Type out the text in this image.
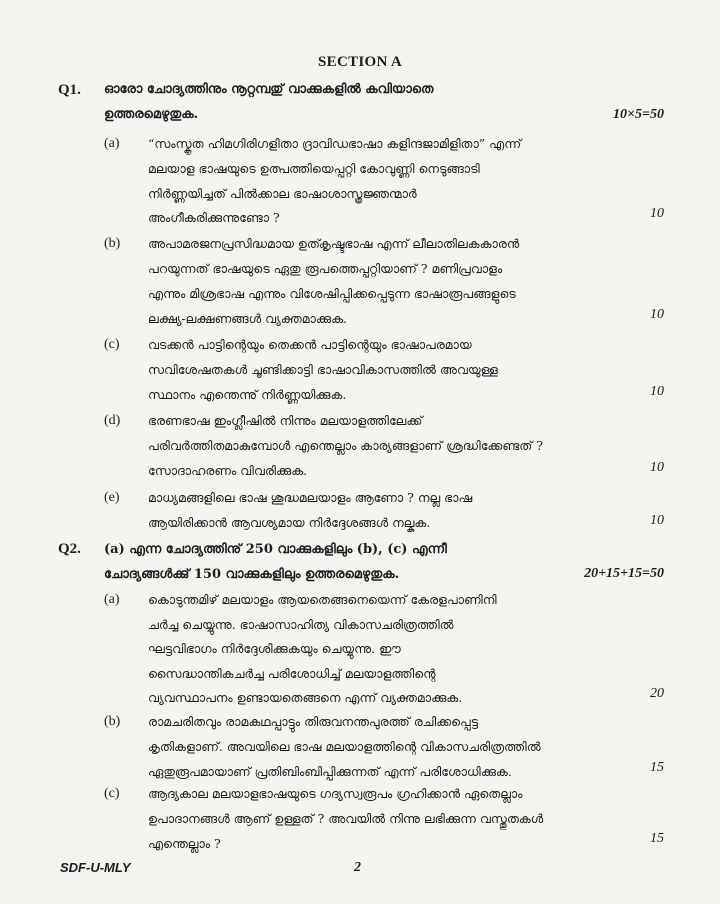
SECTION A
Q1. ഓരോ ചോദ്യത്തിനും നൂറ്റമ്പതു് വാക്കുകളിൽ കവിയാതെ
ഉത്തരമെഴുതുക.	10×5=50
(a) “സംസ്കൃത ഹിമഗിരിഗളിതാ ദ്രാവിഡഭാഷാ കളിന്ദജാമിളിതാ” എന്ന്
മലയാള ഭാഷയുടെ ഉത്പത്തിയെപ്പറ്റി കോവുണ്ണി നെടുങ്ങാടി
നിർണ്ണയിച്ചത് പിൽക്കാല ഭാഷാശാസ്ത്രജ്ഞന്മാർ
അംഗീകരിക്കുന്നുണ്ടോ ?	10
(b) അപാമരജനപ്രസിദ്ധമായ ഉത്കൃഷ്ടഭാഷ എന്ന് ലീലാതിലകകാരൻ
പറയുന്നത് ഭാഷയുടെ ഏതു രൂപത്തെപ്പറ്റിയാണ് ? മണിപ്രവാളം
എന്നും മിശ്രഭാഷ എന്നും വിശേഷിപ്പിക്കപ്പെടുന്ന ഭാഷാരൂപങ്ങളുടെ
ലക്ഷ്യ-ലക്ഷണങ്ങൾ വ്യക്തമാക്കുക.	10
(c) വടക്കൻ പാട്ടിന്റെയും തെക്കൻ പാട്ടിന്റെയും ഭാഷാപരമായ
സവിശേഷതകൾ ചൂണ്ടിക്കാട്ടി ഭാഷാവികാസത്തിൽ അവയുള്ള
സ്ഥാനം എന്തെന്നു് നിർണ്ണയിക്കുക.	10
(d) ഭരണഭാഷ ഇംഗ്ലീഷിൽ നിന്നും മലയാളത്തിലേക്ക്
പരിവർത്തിതമാകുമ്പോൾ എന്തെല്ലാം കാര്യങ്ങളാണ് ശ്രദ്ധിക്കേണ്ടത് ?
സോദാഹരണം വിവരിക്കുക.	10
(e) മാധ്യമങ്ങളിലെ ഭാഷ ശുദ്ധമലയാളം ആണോ ? നല്ല ഭാഷ
ആയിരിക്കാൻ ആവശ്യമായ നിർദ്ദേശങ്ങൾ നല്കുക.	10
Q2. (a) എന്ന ചോദ്യത്തിനു് 250 വാക്കുകളിലും (b), (c) എന്നീ
ചോദ്യങ്ങൾക്കു് 150 വാക്കുകളിലും ഉത്തരമെഴുതുക.	20+15+15=50
(a) കൊടുന്തമിഴ് മലയാളം ആയതെങ്ങനെയെന്ന് കേരളപാണിനി
ചർച്ച ചെയ്യുന്നു. ഭാഷാസാഹിത്യ വികാസചരിത്രത്തിൽ
ഘട്ടവിഭാഗം നിർദ്ദേശിക്കുകയും ചെയ്യുന്നു. ഈ
സൈദ്ധാന്തികചർച്ച പരിശോധിച്ച് മലയാളത്തിന്റെ
വ്യവസ്ഥാപനം ഉണ്ടായതെങ്ങനെ എന്ന് വ്യക്തമാക്കുക.	20
(b) രാമചരിതവും രാമകഥപ്പാട്ടും തിരുവനന്തപുരത്ത് രചിക്കപ്പെട്ട
കൃതികളാണ്. അവയിലെ ഭാഷ മലയാളത്തിന്റെ വികാസചരിത്രത്തിൽ
ഏതുരൂപമായാണ് പ്രതിബിംബിപ്പിക്കുന്നത് എന്ന് പരിശോധിക്കുക.	15
(c) ആദ്യകാല മലയാളഭാഷയുടെ ഗദ്യസ്വരൂപം ഗ്രഹിക്കാൻ ഏതെല്ലാം
ഉപാദാനങ്ങൾ ആണ് ഉള്ളത് ? അവയിൽ നിന്നു ലഭിക്കുന്ന വസ്തുതകൾ
എന്തെല്ലാം ?	15
SDF-U-MLY	2
